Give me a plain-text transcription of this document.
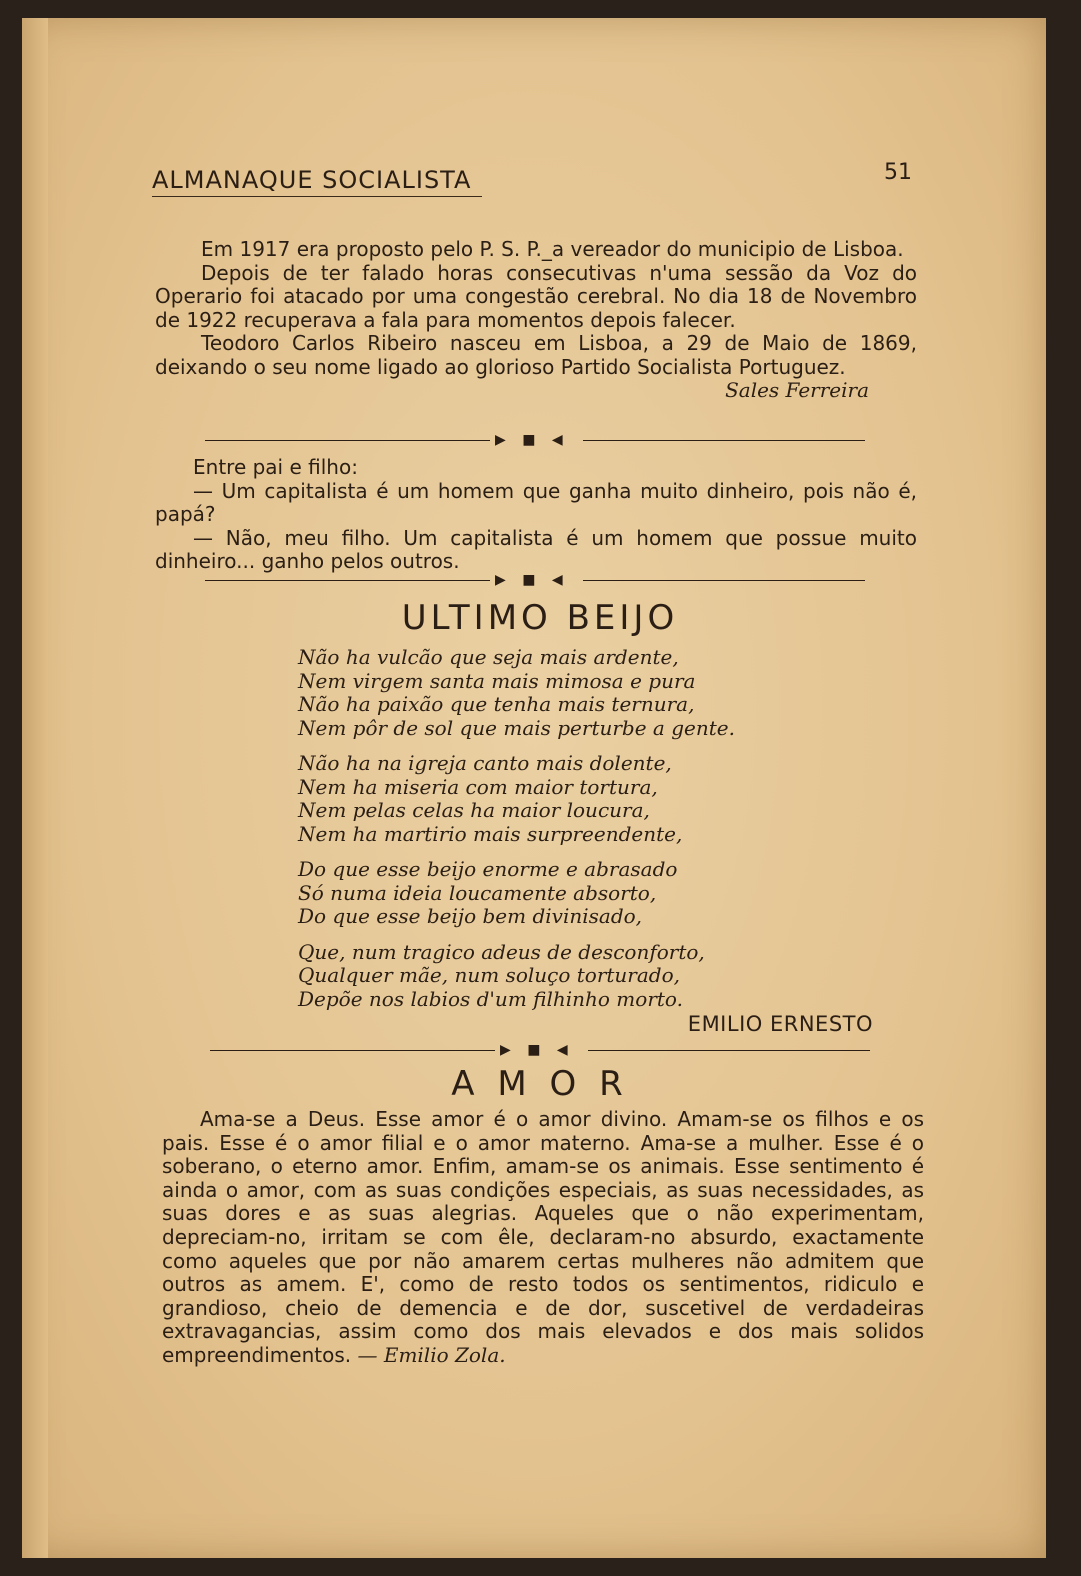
ALMANAQUE SOCIALISTA	51

Em 1917 era proposto pelo P. S. P._a vereador do municipio de Lisboa.

Depois de ter falado horas consecutivas n'uma sessão da Voz do Operario foi atacado por uma congestão cerebral. No dia 18 de Novembro de 1922 recuperava a fala para momentos depois falecer.

Teodoro Carlos Ribeiro nasceu em Lisboa, a 29 de Maio de 1869, deixando o seu nome ligado ao glorioso Partido Socialista Portuguez.

Sales Ferreira

▶ ■ ◀

Entre pai e filho:

— Um capitalista é um homem que ganha muito dinheiro, pois não é, papá?

— Não, meu filho. Um capitalista é um homem que possue muito dinheiro... ganho pelos outros.

▶ ■ ◀
ULTIMO BEIJO
Não ha vulcão que seja mais ardente,
Nem virgem santa mais mimosa e pura
Não ha paixão que tenha mais ternura,
Nem pôr de sol que mais perturbe a gente.
Não ha na igreja canto mais dolente,
Nem ha miseria com maior tortura,
Nem pelas celas ha maior loucura,
Nem ha martirio mais surpreendente,
Do que esse beijo enorme e abrasado
Só numa ideia loucamente absorto,
Do que esse beijo bem divinisado,
Que, num tragico adeus de desconforto,
Qualquer mãe, num soluço torturado,
Depõe nos labios d'um filhinho morto.
EMILIO ERNESTO
▶ ■ ◀
A M O R

Ama-se a Deus. Esse amor é o amor divino. Amam-se os filhos e os pais. Esse é o amor filial e o amor materno. Ama-se a mulher. Esse é o soberano, o eterno amor. Enfim, amam-se os animais. Esse sentimento é ainda o amor, com as suas condições especiais, as suas necessidades, as suas dores e as suas alegrias. Aqueles que o não experimentam, depreciam-no, irritam se com êle, declaram-no absurdo, exactamente como aqueles que por não amarem certas mulheres não admitem que outros as amem. E', como de resto todos os sentimentos, ridiculo e grandioso, cheio de demencia e de dor, suscetivel de verdadeiras extravagancias, assim como dos mais elevados e dos mais solidos empreendimentos. — Emilio Zola.
